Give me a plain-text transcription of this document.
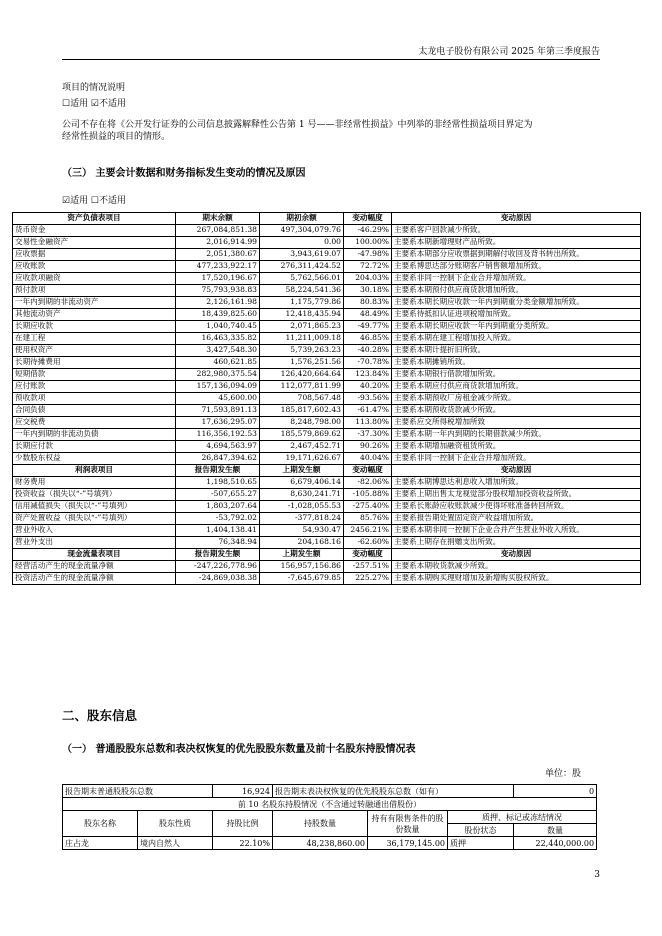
太龙电子股份有限公司 2025 年第三季度报告
项目的情况说明
☐适用 ☑不适用
公司不存在将《公开发行证券的公司信息披露解释性公告第 1 号——非经常性损益》中列举的非经常性损益项目界定为
经常性损益的项目的情形。
（三） 主要会计数据和财务指标发生变动的情况及原因
☑适用 ☐不适用
资产负债表项目	期末余额	期初余额	变动幅度	变动原因
货币资金	267,084,851.38	497,304,079.76	-46.29%	主要系客户回款减少所致。
交易性金融资产	2,016,914.99	0.00	100.00%	主要系本期新增理财产品所致。
应收票据	2,051,380.67	3,943,619.07	-47.98%	主要系本期部分应收票据到期解付收回及背书转出所致。
应收账款	477,233,922.17	276,311,424.52	72.72%	主要系博思达部分账期客户销售额增加所致。
应收款项融资	17,520,196.67	5,762,566.01	204.03%	主要系非同一控制下企业合并增加所致。
预付款项	75,793,938.83	58,224,541.36	30.18%	主要系本期预付供应商货款增加所致。
一年内到期的非流动资产	2,126,161.98	1,175,779.86	80.83%	主要系本期长期应收款一年内到期重分类金额增加所致。
其他流动资产	18,439,825.60	12,418,435.94	48.49%	主要系待抵扣认证进项税增加所致。
长期应收款	1,040,740.45	2,071,865.23	-49.77%	主要系本期长期应收款一年内到期重分类所致。
在建工程	16,463,335.82	11,211,009.18	46.85%	主要系本期在建工程增加投入所致。
使用权资产	3,427,548.30	5,739,263.23	-40.28%	主要系本期计提折旧所致。
长期待摊费用	460,621.85	1,576,251.56	-70.78%	主要系本期摊销所致。
短期借款	282,980,375.54	126,420,664.64	123.84%	主要系本期银行借款增加所致。
应付账款	157,136,094.09	112,077,811.99	40.20%	主要系本期应付供应商货款增加所致。
预收款项	45,600.00	708,567.48	-93.56%	主要系本期预收厂房租金减少所致。
合同负债	71,593,891.13	185,817,602.43	-61.47%	主要系本期预收货款减少所致。
应交税费	17,636,295.07	8,248,798.00	113.80%	主要系应交所得税增加所致
一年内到期的非流动负债	116,356,192.53	185,579,869.62	-37.30%	主要系本期一年内到期的长期借款减少所致。
长期应付款	4,694,563.97	2,467,452.71	90.26%	主要系本期增加融资租赁所致。
少数股东权益	26,847,394.62	19,171,626.67	40.04%	主要系非同一控制下企业合并增加所致。
利润表项目	报告期发生额	上期发生额	变动幅度	变动原因
财务费用	1,198,510.65	6,679,406.14	-82.06%	主要系本期博思达利息收入增加所致。
投资收益（损失以“-”号填列）	-507,655.27	8,630,241.71	-105.88%	主要系上期出售太龙视觉部分股权增加投资收益所致。
信用减值损失（损失以“-”号填列）	1,803,207.64	-1,028,055.53	-275.40%	主要系长账龄应收账款减少使得坏账准备转回所致。
资产处置收益（损失以“-”号填列）	-53,792.02	-377,818.24	85.76%	主要系报告期处置固定资产收益增加所致。
营业外收入	1,404,138.41	54,930.47	2456.21%	主要系本期非同一控制下企业合并产生营业外收入所致。
营业外支出	76,348.94	204,168.16	-62.60%	主要系上期存在捐赠支出所致。
现金流量表项目	报告期发生额	上期发生额	变动幅度	变动原因
经营活动产生的现金流量净额	-247,226,778.96	156,957,156.86	-257.51%	主要系本期收货款减少所致。
投资活动产生的现金流量净额	-24,869,038.38	-7,645,679.85	225.27%	主要系本期购买理财增加及新增购买股权所致。
二、股东信息
（一） 普通股股东总数和表决权恢复的优先股股东数量及前十名股东持股情况表
单位：股
报告期末普通股股东总数		16,924	报告期末表决权恢复的优先股股东总数（如有）			0
前 10 名股东持股情况（不含通过转融通出借股份）						
股东名称	股东性质	持股比例	持股数量	持有有限售条件的股份数量	质押、标记或冻结情况	
					股份状态	数量
庄占龙	境内自然人	22.10%	48,238,860.00	36,179,145.00	质押	22,440,000.00
3
